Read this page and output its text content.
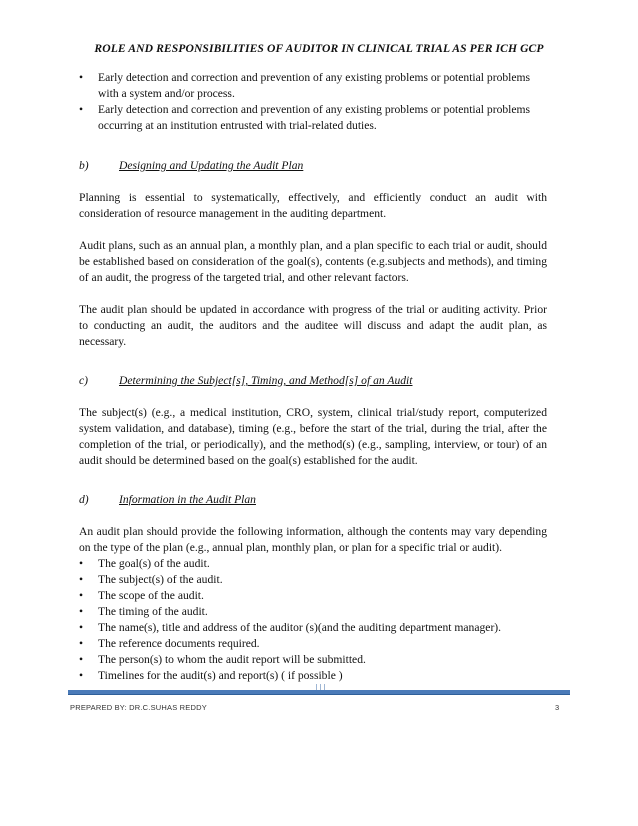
ROLE AND RESPONSIBILITIES OF AUDITOR IN CLINICAL TRIAL AS PER ICH GCP
• Early detection and correction and prevention of any existing problems or potential problems with a system and/or process.
• Early detection and correction and prevention of any existing problems or potential problems occurring at an institution entrusted with trial-related duties.
b)	Designing and Updating the Audit Plan

Planning is essential to systematically, effectively, and efficiently conduct an audit with consideration of resource management in the auditing department.

Audit plans, such as an annual plan, a monthly plan, and a plan specific to each trial or audit, should be established based on consideration of the goal(s), contents (e.g.subjects and methods), and timing of an audit, the progress of the targeted trial, and other relevant factors.

The audit plan should be updated in accordance with progress of the trial or auditing activity. Prior to conducting an audit, the auditors and the auditee will discuss and adapt the audit plan, as necessary.

c)	Determining the Subject[s], Timing, and Method[s] of an Audit

The subject(s) (e.g., a medical institution, CRO, system, clinical trial/study report, computerized system validation, and database), timing (e.g., before the start of the trial, during the trial, after the completion of the trial, or periodically), and the method(s) (e.g., sampling, interview, or tour) of an audit should be determined based on the goal(s) established for the audit.

d)	Information in the Audit Plan

An audit plan should provide the following information, although the contents may vary depending on the type of the plan (e.g., annual plan, monthly plan, or plan for a specific trial or audit).

• The goal(s) of the audit.
• The subject(s) of the audit.
• The scope of the audit.
• The timing of the audit.
• The name(s), title and address of the auditor (s)(and the auditing department manager).
• The reference documents required.
• The person(s) to whom the audit report will be submitted.
• Timelines for the audit(s) and report(s) ( if possible )
PREPARED BY: DR.C.SUHAS REDDY	3
